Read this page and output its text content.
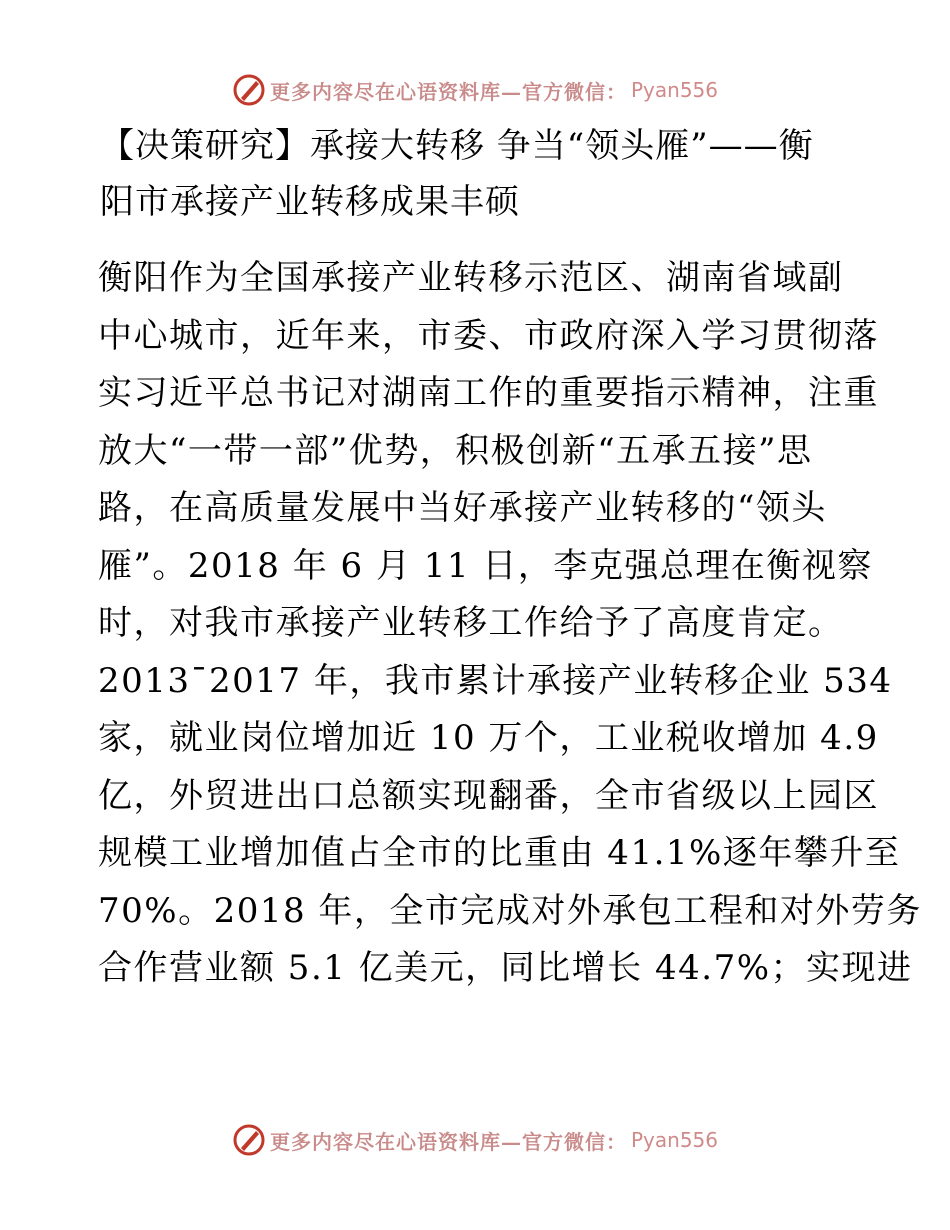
更多内容尽在心语资料库—官方微信： Pyan556
【决策研究】承接大转移 争当“领头雁”——衡
阳市承接产业转移成果丰硕

衡阳作为全国承接产业转移示范区、湖南省域副
中心城市，近年来，市委、市政府深入学习贯彻落
实习近平总书记对湖南工作的重要指示精神，注重
放大“一带一部”优势，积极创新“五承五接”思
路，在高质量发展中当好承接产业转移的“领头
雁”。2018 年 6 月 11 日，李克强总理在衡视察
时，对我市承接产业转移工作给予了高度肯定。
2013¯2017 年，我市累计承接产业转移企业 534
家，就业岗位增加近 10 万个，工业税收增加 4.9
亿，外贸进出口总额实现翻番，全市省级以上园区
规模工业增加值占全市的比重由 41.1%逐年攀升至
70%。2018 年，全市完成对外承包工程和对外劳务
合作营业额 5.1 亿美元，同比增长 44.7%；实现进

更多内容尽在心语资料库—官方微信： Pyan556
